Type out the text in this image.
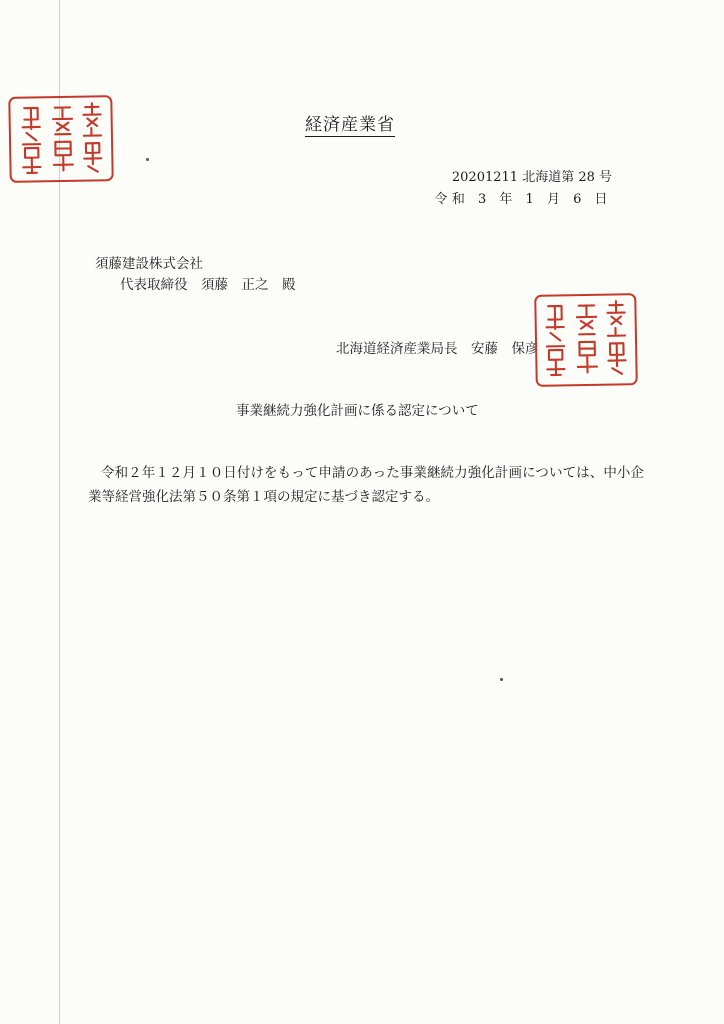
経済産業省
20201211 北海道第 28 号
令和 3 年 1 月 6 日
須藤建設株式会社
代表取締役　須藤　正之　殿
北海道経済産業局長　安藤　保彦
事業継続力強化計画に係る認定について

令和２年１２月１０日付けをもって申請のあった事業継続力強化計画については、中小企業等経営強化法第５０条第１項の規定に基づき認定する。
